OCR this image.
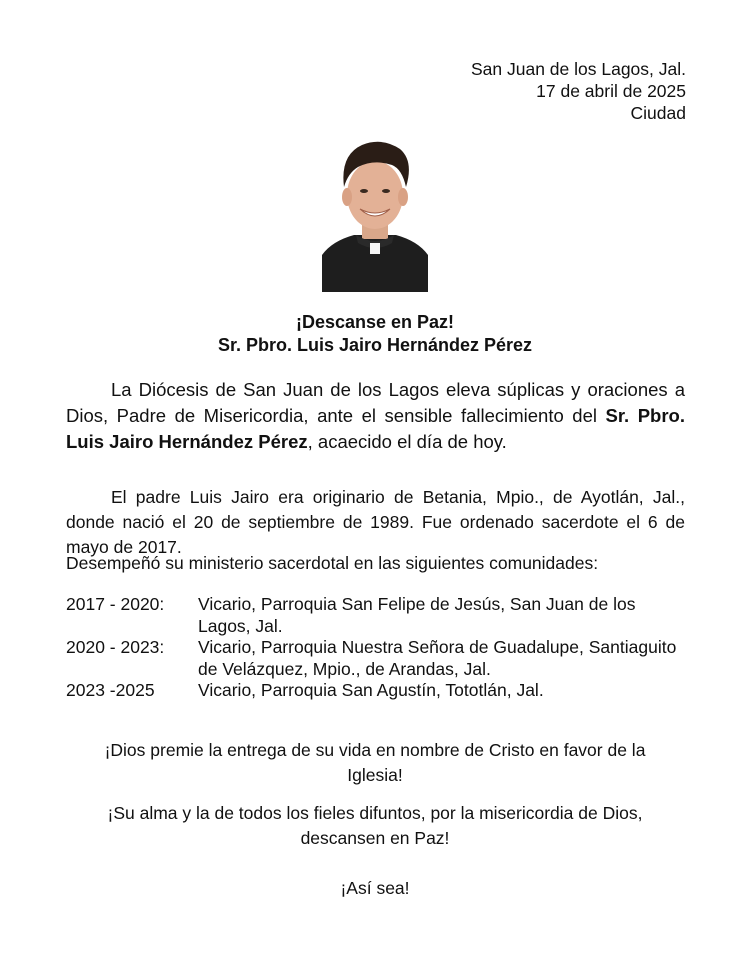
San Juan de los Lagos, Jal.
17 de abril de 2025
Ciudad
¡Descanse en Paz!
Sr. Pbro. Luis Jairo Hernández Pérez
La Diócesis de San Juan de los Lagos eleva súplicas y oraciones a Dios, Padre de Misericordia, ante el sensible fallecimiento del Sr. Pbro. Luis Jairo Hernández Pérez, acaecido el día de hoy.
El padre Luis Jairo era originario de Betania, Mpio., de Ayotlán, Jal., donde nació el 20 de septiembre de 1989. Fue ordenado sacerdote el 6 de mayo de 2017.
Desempeñó su ministerio sacerdotal en las siguientes comunidades:
2017 - 2020:	Vicario, Parroquia San Felipe de Jesús, San Juan de los Lagos, Jal.
2020 - 2023:	Vicario, Parroquia Nuestra Señora de Guadalupe, Santiaguito de Velázquez, Mpio., de Arandas, Jal.
2023 -2025	Vicario, Parroquia San Agustín, Tototlán, Jal.
¡Dios premie la entrega de su vida en nombre de Cristo en favor de la Iglesia!
¡Su alma y la de todos los fieles difuntos, por la misericordia de Dios, descansen en Paz!
¡Así sea!
